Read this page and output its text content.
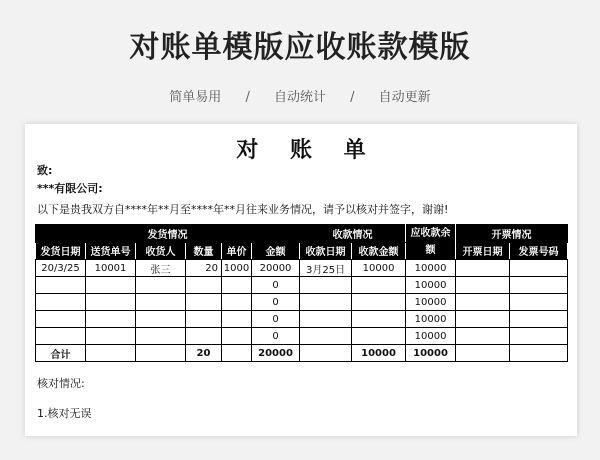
对账单模版应收账款模版
简单易用 / 自动统计 / 自动更新
对 账 单
致:
***有限公司:
以下是贵我双方自****年**月至****年**月往来业务情况，请予以核对并签字，谢谢!
发货情况						收款情况		应收款余额	开票情况	
发货日期	送货单号	收货人	数量	单价	金额	收款日期	收款金额		开票日期	发票号码
20/3/25	10001	张三	20	1000	20000	3月25日	10000	10000		
					0			10000		
					0			10000		
					0			10000		
					0			10000		
合计			20		20000		10000	10000		
核对情况:
1.核对无误
